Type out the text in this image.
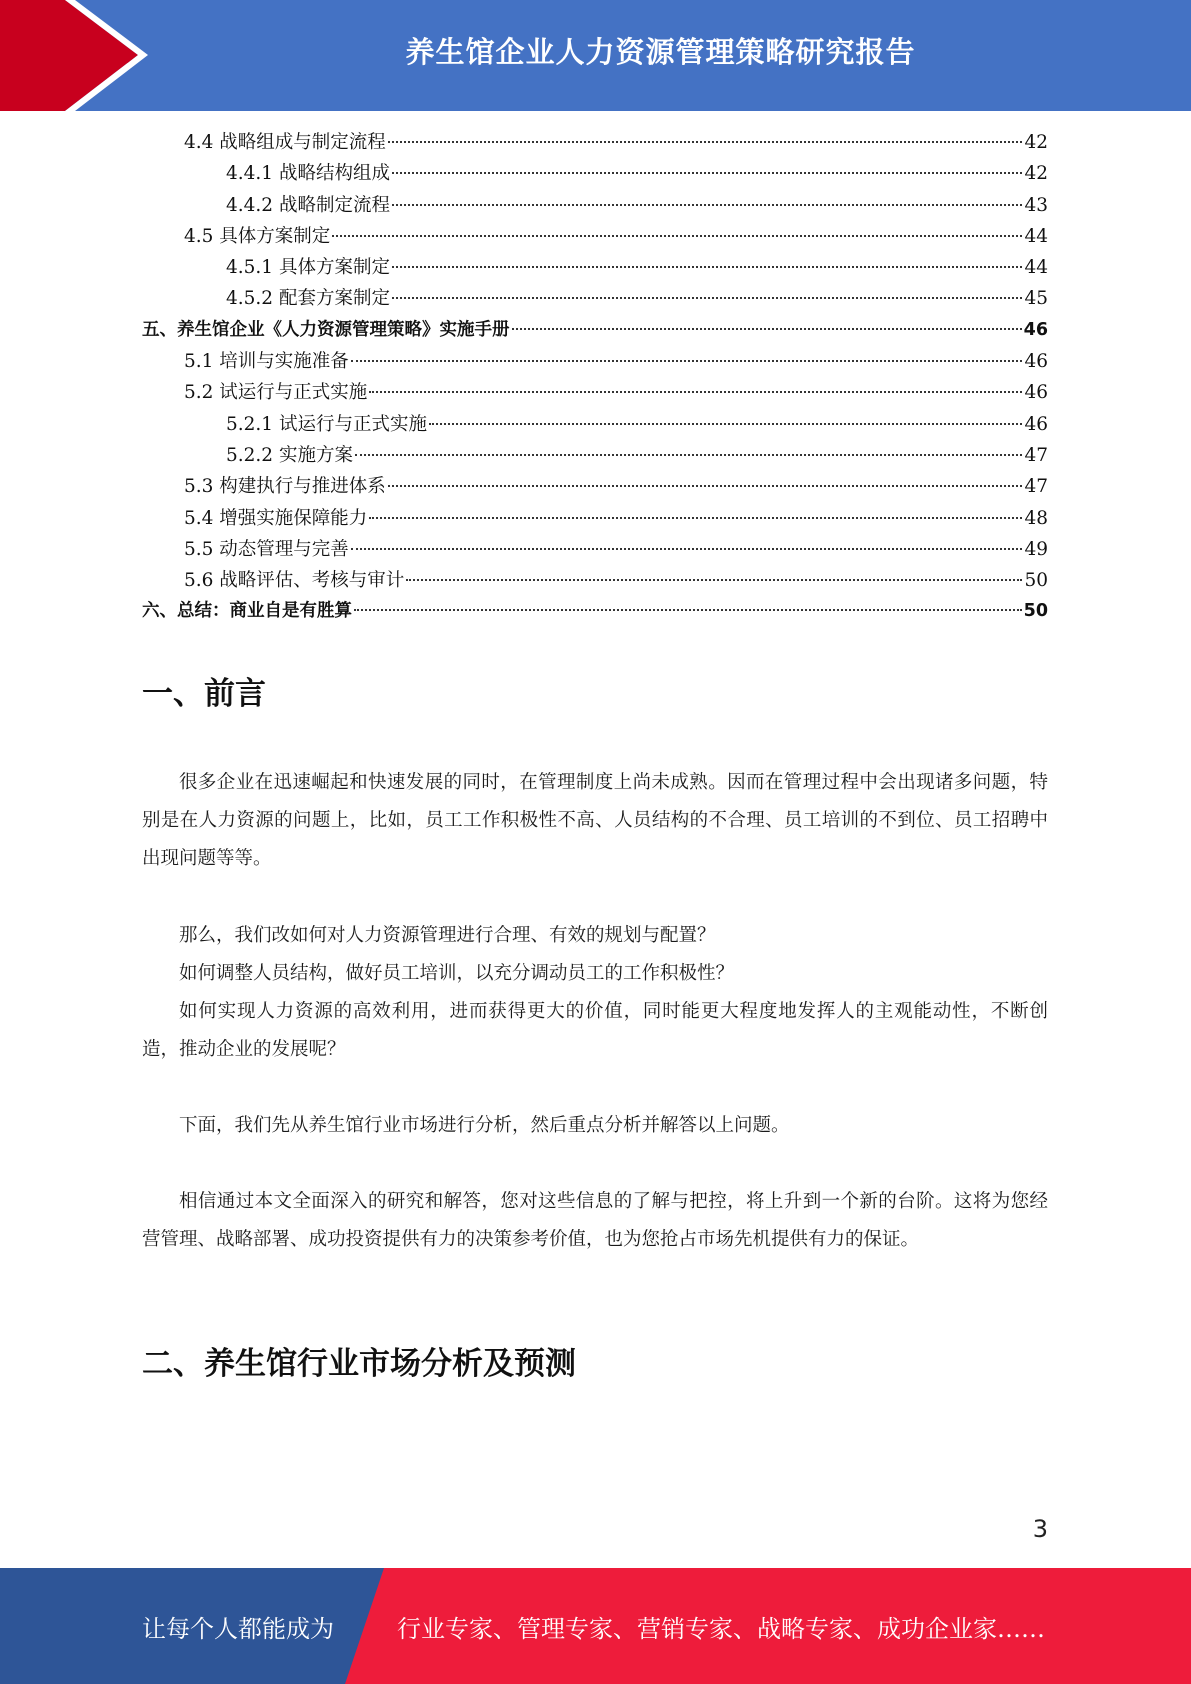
养生馆企业人力资源管理策略研究报告
4.4 战略组成与制定流程	42
4.4.1 战略结构组成	42
4.4.2 战略制定流程	43
4.5 具体方案制定	44
4.5.1 具体方案制定	44
4.5.2 配套方案制定	45
五、养生馆企业《人力资源管理策略》实施手册	46
5.1 培训与实施准备	46
5.2 试运行与正式实施	46
5.2.1 试运行与正式实施	46
5.2.2 实施方案	47
5.3 构建执行与推进体系	47
5.4 增强实施保障能力	48
5.5 动态管理与完善	49
5.6 战略评估、考核与审计	50
六、总结：商业自是有胜算	50
一、前言

很多企业在迅速崛起和快速发展的同时，在管理制度上尚未成熟。因而在管理过程中会出现诸多问题，特别是在人力资源的问题上，比如，员工工作积极性不高、人员结构的不合理、员工培训的不到位、员工招聘中出现问题等等。

那么，我们改如何对人力资源管理进行合理、有效的规划与配置？

如何调整人员结构，做好员工培训，以充分调动员工的工作积极性？

如何实现人力资源的高效利用，进而获得更大的价值，同时能更大程度地发挥人的主观能动性，不断创造，推动企业的发展呢？

下面，我们先从养生馆行业市场进行分析，然后重点分析并解答以上问题。

相信通过本文全面深入的研究和解答，您对这些信息的了解与把控，将上升到一个新的台阶。这将为您经营管理、战略部署、成功投资提供有力的决策参考价值，也为您抢占市场先机提供有力的保证。

二、养生馆行业市场分析及预测
3
让每个人都能成为	行业专家、管理专家、营销专家、战略专家、成功企业家……
